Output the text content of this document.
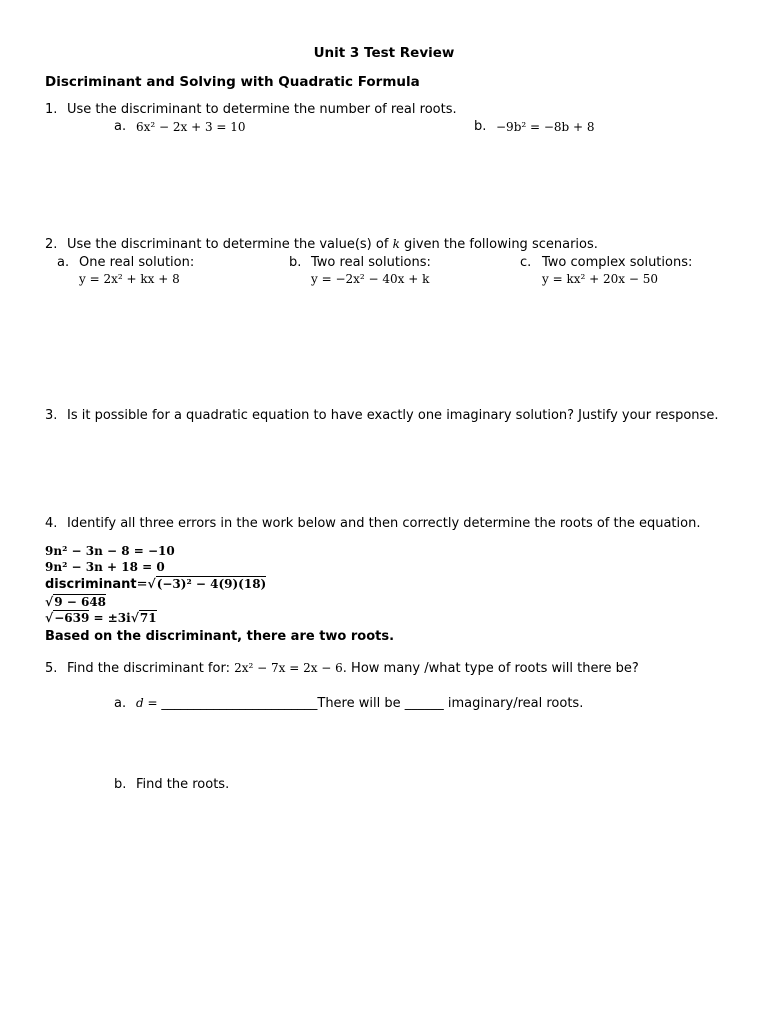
Unit 3 Test Review
Discriminant and Solving with Quadratic Formula
1. Use the discriminant to determine the number of real roots.
a. 6x² − 2x + 3 = 10	b. −9b² = −8b + 8
2. Use the discriminant to determine the value(s) of k given the following scenarios.
a. One real solution:
y = 2x² + kx + 8
b. Two real solutions:
y = −2x² − 40x + k
c. Two complex solutions:
y = kx² + 20x − 50
3. Is it possible for a quadratic equation to have exactly one imaginary solution? Justify your response.
4. Identify all three errors in the work below and then correctly determine the roots of the equation.
9n² − 3n − 8 = −10
9n² − 3n + 18 = 0
discriminant=√(−3)² − 4(9)(18)
√9 − 648
√−639 = ±3i√71
Based on the discriminant, there are two roots.
5. Find the discriminant for: 2x² − 7x = 2x − 6. How many /what type of roots will there be?
a. d = ________________________There will be ______ imaginary/real roots.
b. Find the roots.
